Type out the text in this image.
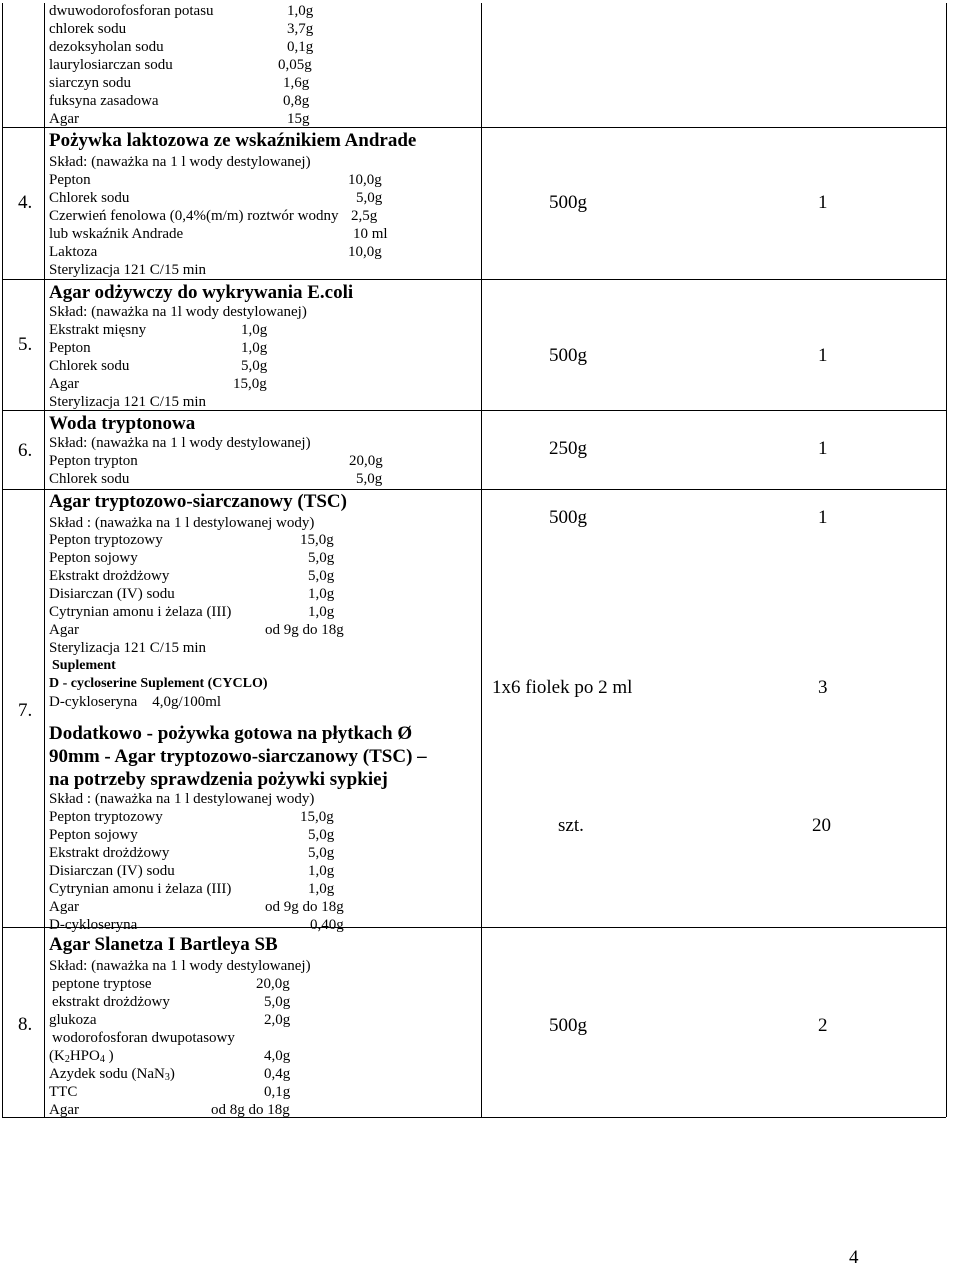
dwuwodorofosforan potasu	1,0g
chlorek sodu	3,7g
dezoksyholan sodu	0,1g
laurylosiarczan sodu	0,05g
siarczyn sodu	1,6g
fuksyna zasadowa	0,8g
Agar	15g
4.
Pożywka laktozowa ze wskaźnikiem Andrade
Skład: (naważka na 1 l wody destylowanej)
Pepton	10,0g
Chlorek sodu	5,0g
Czerwień fenolowa (0,4%(m/m) roztwór wodny 2,5g
lub wskaźnik Andrade	10 ml
Laktoza	10,0g
Sterylizacja 121 C/15 min
500g	1
5.
Agar odżywczy do wykrywania E.coli
Skład: (naważka na 1l wody destylowanej)
Ekstrakt mięsny	1,0g
Pepton	1,0g
Chlorek sodu	5,0g
Agar	15,0g
Sterylizacja 121 C/15 min
500g	1
6.
Woda tryptonowa
Skład: (naważka na 1 l wody destylowanej)
Pepton trypton	20,0g
Chlorek sodu	5,0g
250g	1
7.
Agar tryptozowo-siarczanowy (TSC)
Skład : (naważka na 1 l destylowanej wody)
Pepton tryptozowy	15,0g
Pepton sojowy	5,0g
Ekstrakt drożdżowy	5,0g
Disiarczan (IV) sodu	1,0g
Cytrynian amonu i żelaza (III)	1,0g
Agar	od 9g do 18g
Sterylizacja 121 C/15 min
Suplement
D - cycloserine Suplement (CYCLO)
D-cykloseryna    4,0g/100ml
500g	1
1x6 fiolek po 2 ml	3
Dodatkowo - pożywka gotowa na płytkach Ø
90mm - Agar tryptozowo-siarczanowy (TSC) –
na potrzeby sprawdzenia pożywki sypkiej
Skład : (naważka na 1 l destylowanej wody)
Pepton tryptozowy	15,0g
Pepton sojowy	5,0g
Ekstrakt drożdżowy	5,0g
Disiarczan (IV) sodu	1,0g
Cytrynian amonu i żelaza (III)	1,0g
Agar	od 9g do 18g
D-cykloseryna	0,40g
szt.	20
8.
Agar Slanetza I Bartleya SB
Skład: (naważka na 1 l wody destylowanej)
peptone tryptose	20,0g
ekstrakt drożdżowy	5,0g
glukoza	2,0g
wodorofosforan dwupotasowy
($K_2HPO_4$ )	4,0g
Azydek sodu (NaN$_3$)	0,4g
TTC	0,1g
Agar	od 8g do 18g
500g	2
4
